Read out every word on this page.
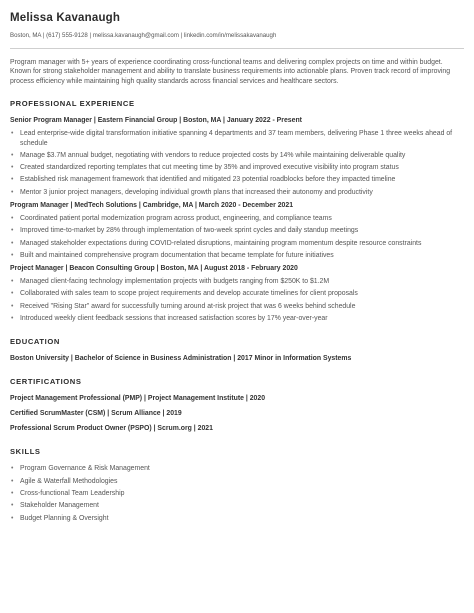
Melissa Kavanaugh
Boston, MA | (617) 555-9128 | melissa.kavanaugh@gmail.com | linkedin.com/in/melissakavanaugh
Program manager with 5+ years of experience coordinating cross-functional teams and delivering complex projects on time and within budget. Known for strong stakeholder management and ability to translate business requirements into actionable plans. Proven track record of improving process efficiency while maintaining high quality standards across financial services and healthcare sectors.
PROFESSIONAL EXPERIENCE
Senior Program Manager | Eastern Financial Group | Boston, MA | January 2022 - Present
• Lead enterprise-wide digital transformation initiative spanning 4 departments and 37 team members, delivering Phase 1 three weeks ahead of schedule
• Manage $3.7M annual budget, negotiating with vendors to reduce projected costs by 14% while maintaining deliverable quality
• Created standardized reporting templates that cut meeting time by 35% and improved executive visibility into program status
• Established risk management framework that identified and mitigated 23 potential roadblocks before they impacted timeline
• Mentor 3 junior project managers, developing individual growth plans that increased their autonomy and productivity
Program Manager | MedTech Solutions | Cambridge, MA | March 2020 - December 2021
• Coordinated patient portal modernization program across product, engineering, and compliance teams
• Improved time-to-market by 28% through implementation of two-week sprint cycles and daily standup meetings
• Managed stakeholder expectations during COVID-related disruptions, maintaining program momentum despite resource constraints
• Built and maintained comprehensive program documentation that became template for future initiatives
Project Manager | Beacon Consulting Group | Boston, MA | August 2018 - February 2020
• Managed client-facing technology implementation projects with budgets ranging from $250K to $1.2M
• Collaborated with sales team to scope project requirements and develop accurate timelines for client proposals
• Received "Rising Star" award for successfully turning around at-risk project that was 6 weeks behind schedule
• Introduced weekly client feedback sessions that increased satisfaction scores by 17% year-over-year
EDUCATION
Boston University | Bachelor of Science in Business Administration | 2017 Minor in Information Systems
CERTIFICATIONS
Project Management Professional (PMP) | Project Management Institute | 2020
Certified ScrumMaster (CSM) | Scrum Alliance | 2019
Professional Scrum Product Owner (PSPO) | Scrum.org | 2021
SKILLS
• Program Governance & Risk Management
• Agile & Waterfall Methodologies
• Cross-functional Team Leadership
• Stakeholder Management
• Budget Planning & Oversight
